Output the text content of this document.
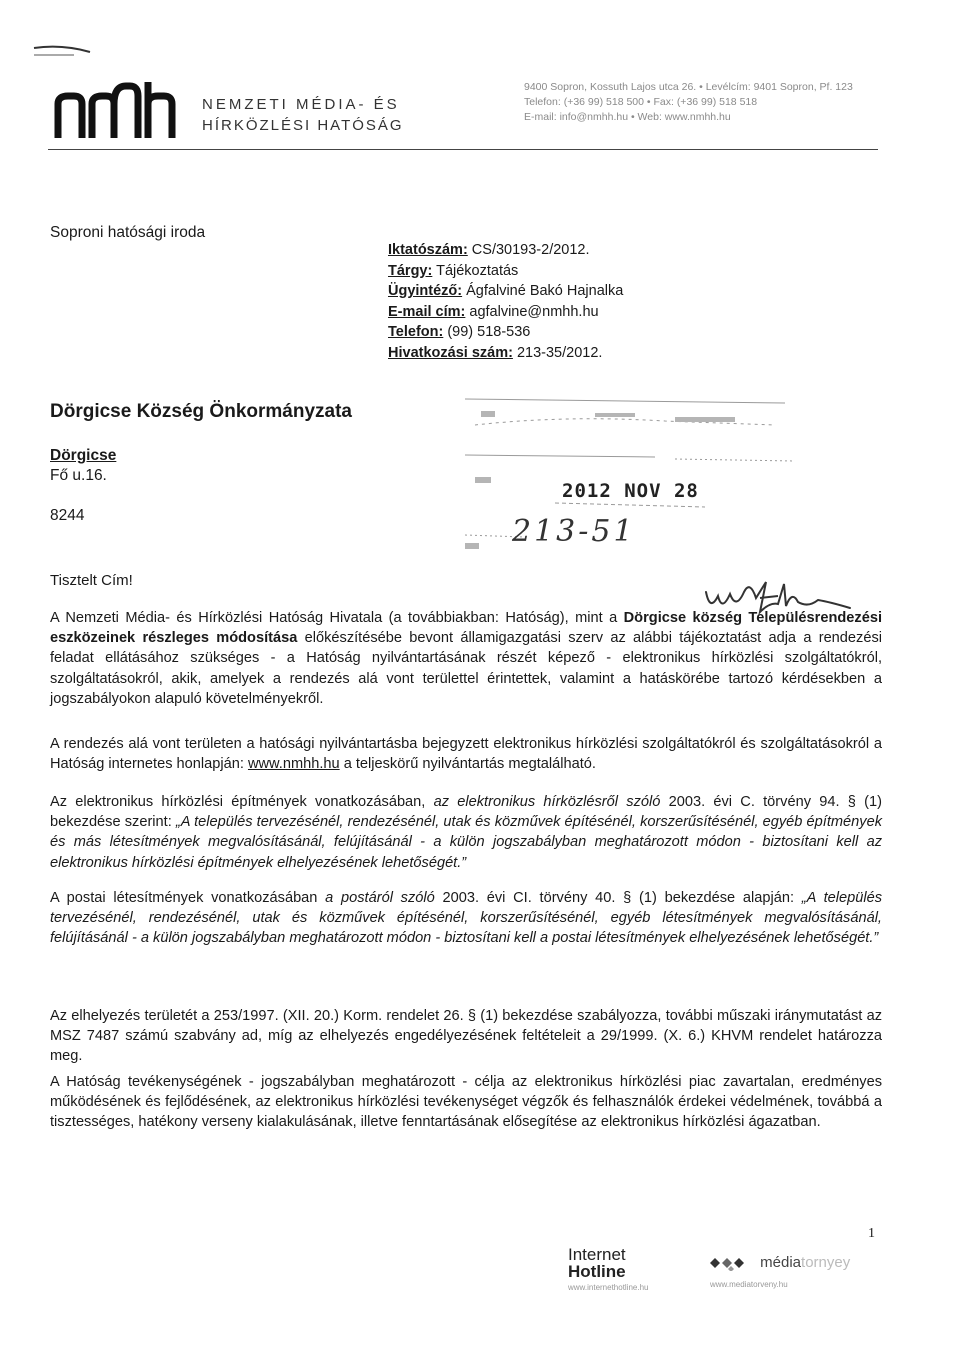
NEMZETI MÉDIA- ÉS
HÍRKÖZLÉSI HATÓSÁG
9400 Sopron, Kossuth Lajos utca 26. • Levélcím: 9401 Sopron, Pf. 123
Telefon: (+36 99) 518 500 • Fax: (+36 99) 518 518
E-mail: info@nmhh.hu • Web: www.nmhh.hu
Soproni hatósági iroda
Iktatószám: CS/30193-2/2012.
Tárgy: Tájékoztatás
Ügyintéző: Ágfalviné Bakó Hajnalka
E-mail cím: agfalvine@nmhh.hu
Telefon: (99) 518-536
Hivatkozási szám: 213-35/2012.
Dörgicse Község Önkormányzata
Dörgicse
Fő u.16.
8244
2012 NOV 28
213-51
Tisztelt Cím!
A Nemzeti Média- és Hírközlési Hatóság Hivatala (a továbbiakban: Hatóság), mint a Dörgicse község Településrendezési eszközeinek részleges módosítása előkészítésébe bevont államigazgatási szerv az alábbi tájékoztatást adja a rendezési feladat ellátásához szükséges - a Hatóság nyilvántartásának részét képező - elektronikus hírközlési szolgáltatókról, szolgáltatásokról, akik, amelyek a rendezés alá vont területtel érintettek, valamint a hatáskörébe tartozó kérdésekben a jogszabályokon alapuló követelményekről.
A rendezés alá vont területen a hatósági nyilvántartásba bejegyzett elektronikus hírközlési szolgáltatókról és szolgáltatásokról a Hatóság internetes honlapján: www.nmhh.hu a teljeskörű nyilvántartás megtalálható.
Az elektronikus hírközlési építmények vonatkozásában, az elektronikus hírközlésről szóló 2003. évi C. törvény 94. § (1) bekezdése szerint: „A település tervezésénél, rendezésénél, utak és közművek építésénél, korszerűsítésénél, egyéb építmények és más létesítmények megvalósításánál, felújításánál - a külön jogszabályban meghatározott módon - biztosítani kell az elektronikus hírközlési építmények elhelyezésének lehetőségét.”
A postai létesítmények vonatkozásában a postáról szóló 2003. évi CI. törvény 40. § (1) bekezdése alapján: „A település tervezésénél, rendezésénél, utak és közművek építésénél, korszerűsítésénél, egyéb létesítmények megvalósításánál, felújításánál - a külön jogszabályban meghatározott módon - biztosítani kell a postai létesítmények elhelyezésének lehetőségét.”
Az elhelyezés területét a 253/1997. (XII. 20.) Korm. rendelet 26. § (1) bekezdése szabályozza, további műszaki iránymutatást az MSZ 7487 számú szabvány ad, míg az elhelyezés engedélyezésének feltételeit a 29/1999. (X. 6.) KHVM rendelet határozza meg.
A Hatóság tevékenységének - jogszabályban meghatározott - célja az elektronikus hírközlési piac zavartalan, eredményes működésének és fejlődésének, az elektronikus hírközlési tevékenységet végzők és felhasználók érdekei védelmének, továbbá a tisztességes, hatékony verseny kialakulásának, illetve fenntartásának elősegítése az elektronikus hírközlési ágazatban.
1
Internet
Hotline
www.internethotline.hu
médiatornyey
www.mediatorveny.hu
